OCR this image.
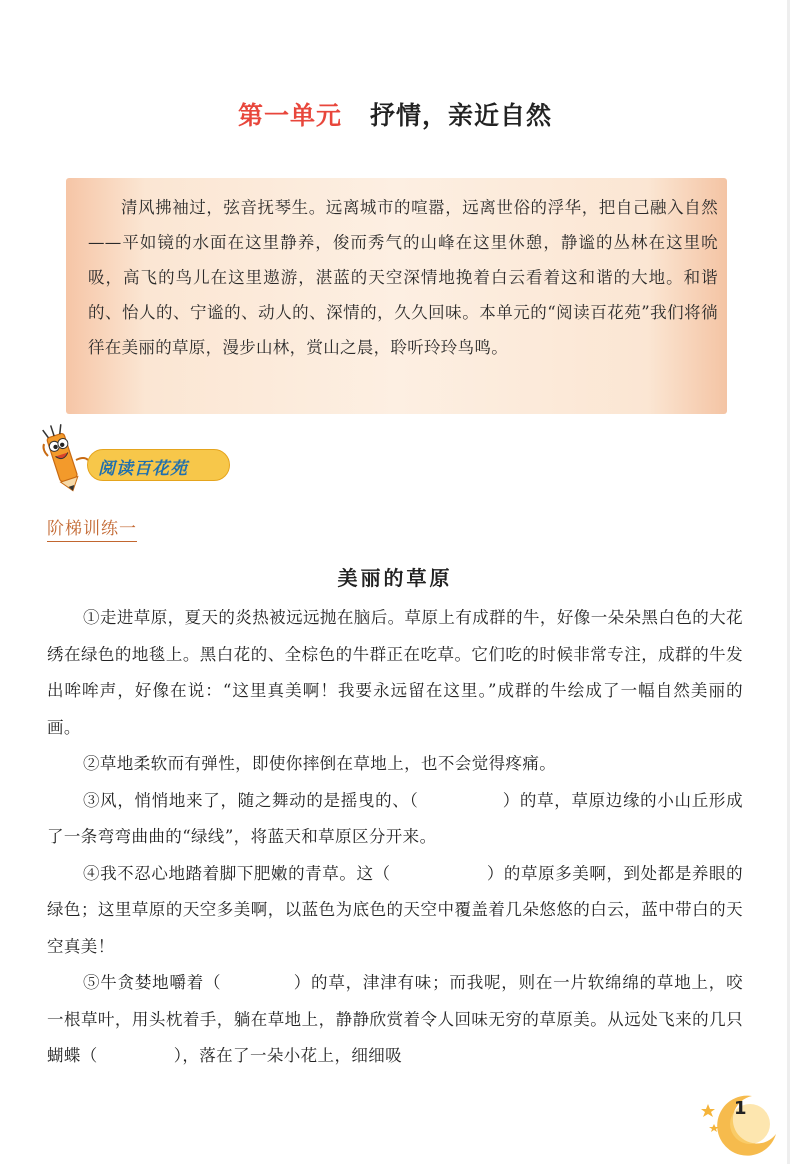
第一单元 抒情，亲近自然
清风拂袖过，弦音抚琴生。远离城市的喧嚣，远离世俗的浮华，把自己融入自然——平如镜的水面在这里静养，俊而秀气的山峰在这里休憩，静谧的丛林在这里吮吸，高飞的鸟儿在这里遨游，湛蓝的天空深情地挽着白云看着这和谐的大地。和谐的、怡人的、宁谧的、动人的、深情的，久久回味。本单元的“阅读百花苑”我们将徜徉在美丽的草原，漫步山林，赏山之晨，聆听玲玲鸟鸣。
阅读百花苑
阶梯训练一
美丽的草原

①走进草原，夏天的炎热被远远抛在脑后。草原上有成群的牛，好像一朵朵黑白色的大花绣在绿色的地毯上。黑白花的、全棕色的牛群正在吃草。它们吃的时候非常专注，成群的牛发出哞哞声，好像在说：“这里真美啊！我要永远留在这里。”成群的牛绘成了一幅自然美丽的画。

②草地柔软而有弹性，即使你摔倒在草地上，也不会觉得疼痛。

③风，悄悄地来了，随之舞动的是摇曳的、（	）的草，草原边缘的小山丘形成了一条弯弯曲曲的“绿线”，将蓝天和草原区分开来。

④我不忍心地踏着脚下肥嫩的青草。这（	）的草原多美啊，到处都是养眼的绿色；这里草原的天空多美啊，以蓝色为底色的天空中覆盖着几朵悠悠的白云，蓝中带白的天空真美！

⑤牛贪婪地嚼着（	）的草，津津有味；而我呢，则在一片软绵绵的草地上，咬一根草叶，用头枕着手，躺在草地上，静静欣赏着令人回味无穷的草原美。从远处飞来的几只蝴蝶（	），落在了一朵小花上，细细吸

1
